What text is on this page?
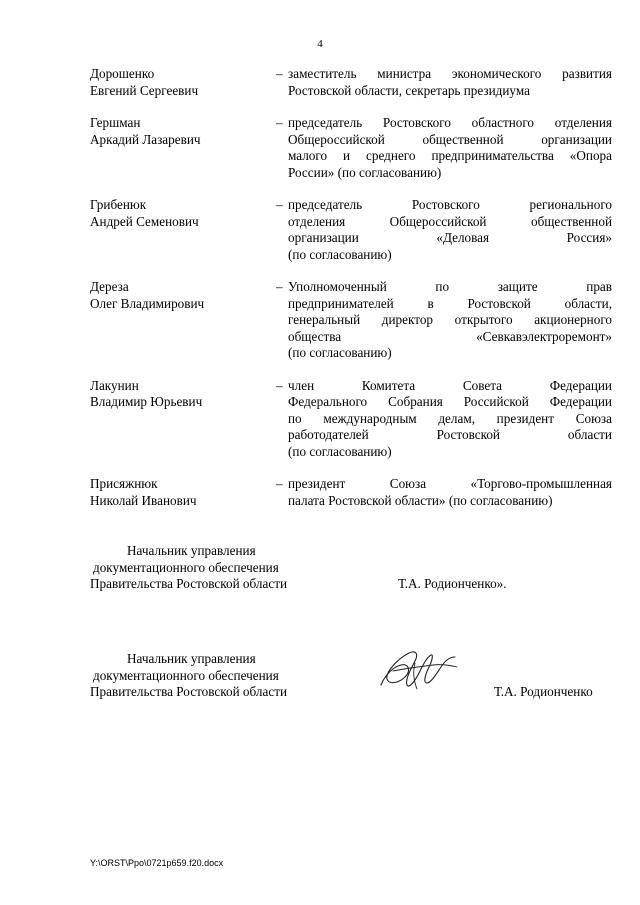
4
Дорошенко
Евгений Сергеевич
– заместитель министра экономического развития
Ростовской области, секретарь президиума
Гершман
Аркадий Лазаревич
– председатель Ростовского областного отделения
Общероссийской общественной организации
малого и среднего предпринимательства «Опора
России» (по согласованию)
Грибенюк
Андрей Семенович
– председатель Ростовского регионального
отделения Общероссийской общественной
организации «Деловая Россия»
(по согласованию)
Дереза
Олег Владимирович
– Уполномоченный по защите прав
предпринимателей в Ростовской области,
генеральный директор открытого акционерного
общества «Севкавэлектроремонт»
(по согласованию)
Лакунин
Владимир Юрьевич
– член Комитета Совета Федерации
Федерального Собрания Российской Федерации
по международным делам, президент Союза
работодателей Ростовской области
(по согласованию)
Присяжнюк
Николай Иванович
– президент Союза «Торгово-промышленная
палата Ростовской области» (по согласованию)
Начальник управления
документационного обеспечения
Правительства Ростовской области	Т.А. Родионченко».
Начальник управления
документационного обеспечения
Правительства Ростовской области	Т.А. Родионченко
Y:\ORST\Ppo\0721p659.f20.docx
